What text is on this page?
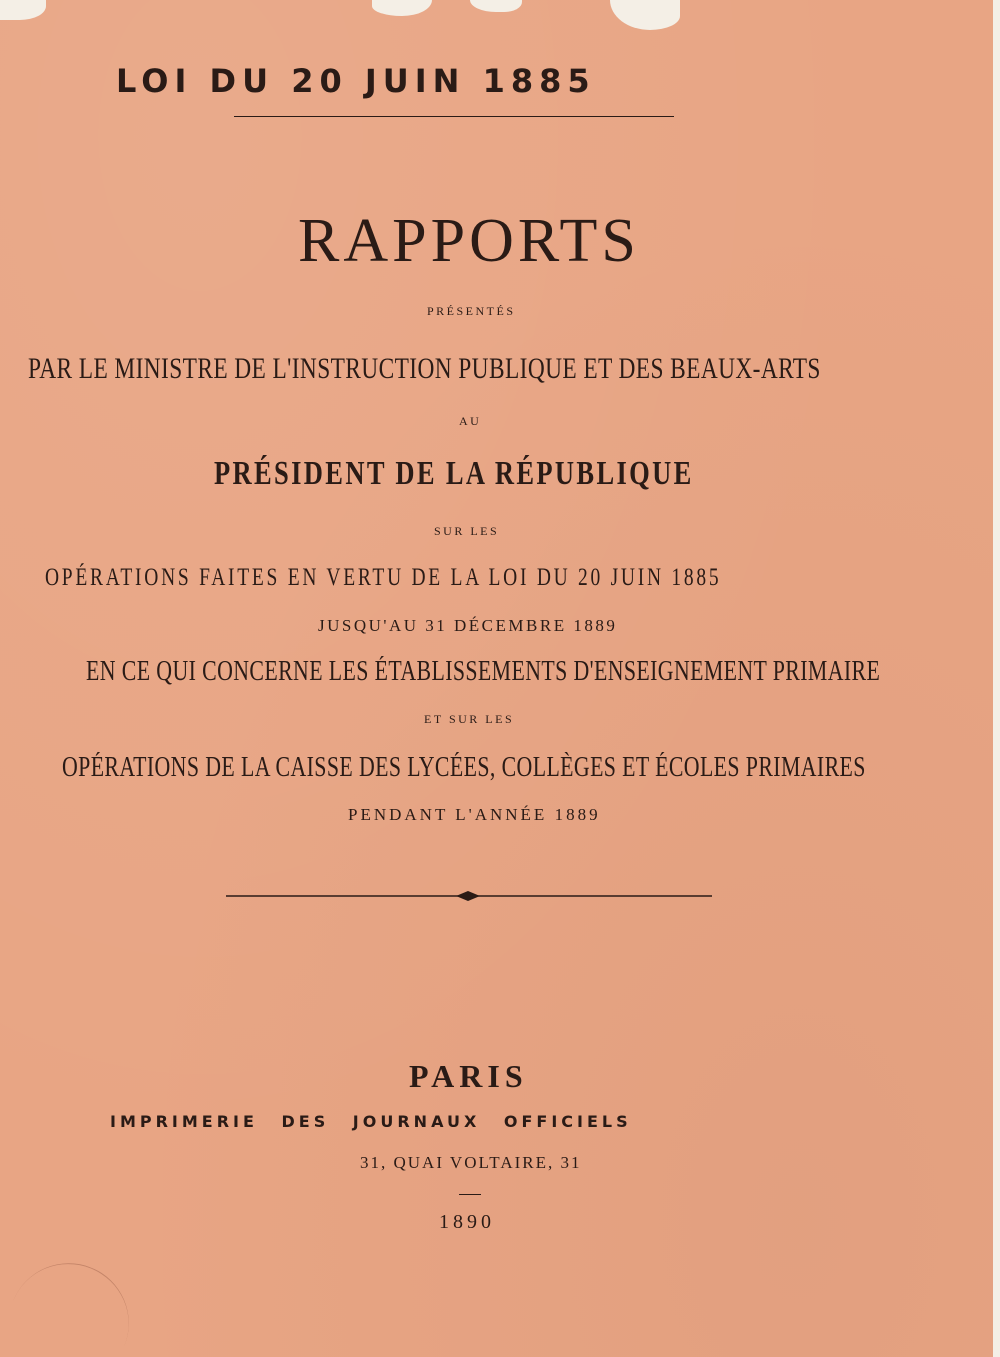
LOI DU 20 JUIN 1885

RAPPORTS

PRÉSENTÉS

PAR LE MINISTRE DE L'INSTRUCTION PUBLIQUE ET DES BEAUX-ARTS

AU

PRÉSIDENT DE LA RÉPUBLIQUE

SUR LES

OPÉRATIONS FAITES EN VERTU DE LA LOI DU 20 JUIN 1885

JUSQU'AU 31 DÉCEMBRE 1889

EN CE QUI CONCERNE LES ÉTABLISSEMENTS D'ENSEIGNEMENT PRIMAIRE

ET SUR LES

OPÉRATIONS DE LA CAISSE DES LYCÉES, COLLÈGES ET ÉCOLES PRIMAIRES

PENDANT L'ANNÉE 1889

PARIS

IMPRIMERIE DES JOURNAUX OFFICIELS

31, QUAI VOLTAIRE, 31

1890
